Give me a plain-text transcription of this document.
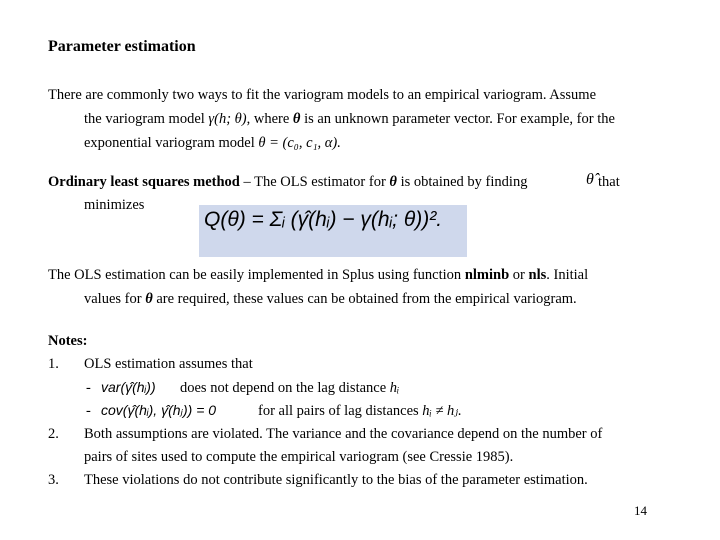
Parameter estimation
There are commonly two ways to fit the variogram models to an empirical variogram. Assume
the variogram model γ(h; θ), where θ is an unknown parameter vector. For example, for the
exponential variogram model θ = (c₀, c₁, α).
Ordinary least squares method – The OLS estimator for θ is obtained by finding	θ̂ that
minimizes
Q(θ) = Σᵢ (γ̂(hᵢ) − γ(hᵢ; θ))².
The OLS estimation can be easily implemented in Splus using function nlminb or nls. Initial
values for θ are required, these values can be obtained from the empirical variogram.
Notes:
1. OLS estimation assumes that
- var(γ̂(hᵢ)) does not depend on the lag distance hᵢ
- cov(γ̂(hᵢ), γ̂(hⱼ)) = 0	for all pairs of lag distances hᵢ ≠ hⱼ.
2. Both assumptions are violated. The variance and the covariance depend on the number of
pairs of sites used to compute the empirical variogram (see Cressie 1985).
3. These violations do not contribute significantly to the bias of the parameter estimation.
14
